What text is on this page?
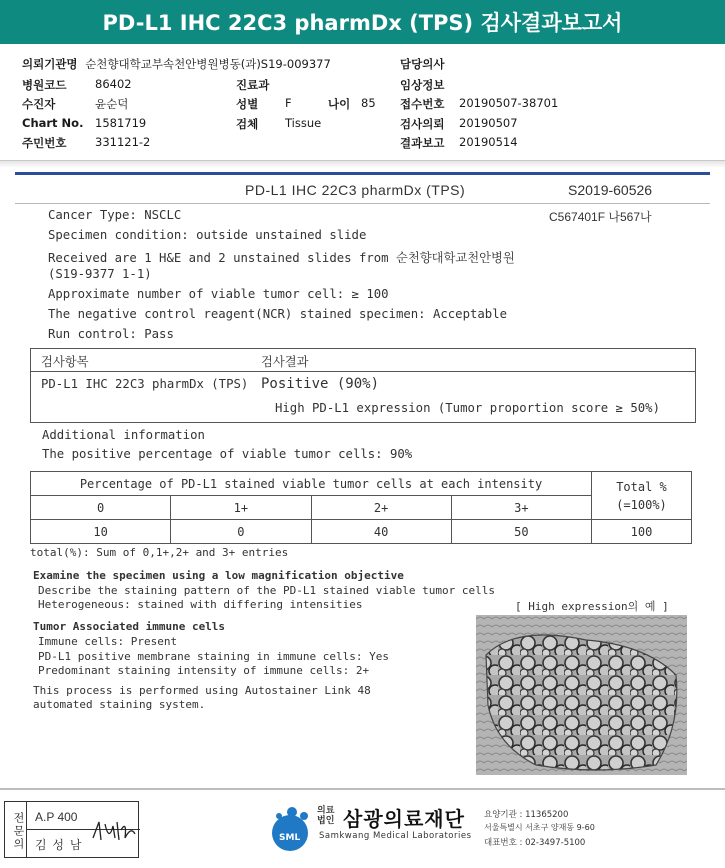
PD-L1 IHC 22C3 pharmDx (TPS) 검사결과보고서
의뢰기관명 순천향대학교부속천안병원병동(과)S19-009377	담당의사
병원코드 86402	진료과	임상정보
수진자	윤순덕	성별 F	나이 85 접수번호 20190507-38701
Chart No. 1581719	검체 Tissue	검사의뢰 20190507
주민번호 331121-2	결과보고 20190514
PD-L1 IHC 22C3 pharmDx (TPS)	S2019-60526
C567401F 나567나
Cancer Type: NSCLC
Specimen condition: outside unstained slide
Received are 1 H&E and 2 unstained slides from 순천향대학교천안병원
(S19-9377 1-1)
Approximate number of viable tumor cell: ≥ 100
The negative control reagent(NCR) stained specimen: Acceptable
Run control: Pass
검사항목	검사결과
PD-L1 IHC 22C3 pharmDx (TPS) Positive (90%)
High PD-L1 expression (Tumor proportion score ≥ 50%)
Additional information
The positive percentage of viable tumor cells: 90%
Percentage of PD-L1 stained viable tumor cells at each intensity				Total %
(=100%)

0	1+	2+	3+	
10	0	40	50	100
total(%): Sum of 0,1+,2+ and 3+ entries
Examine the specimen using a low magnification objective
Describe the staining pattern of the PD-L1 stained viable tumor cells
Heterogeneous: stained with differing intensities	[ High expression의 예 ]
Tumor Associated immune cells
Immune cells: Present
PD-L1 positive membrane staining in immune cells: Yes
Predominant staining intensity of immune cells: 2+
This process is performed using Autostainer Link 48
automated staining system.
전문의 A.P 400
김 성 남	SML
의료
법인 삼광의료재단
Samkwang Medical Laboratories
요양기관 : 11365200
서울특별시 서초구 양재동 9-60
대표번호 : 02-3497-5100
